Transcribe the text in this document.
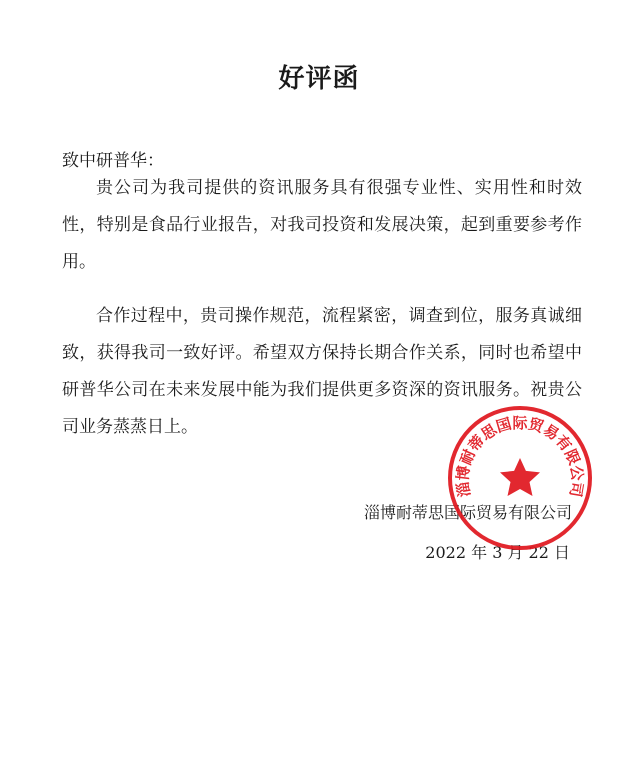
好评函
致中研普华：
贵公司为我司提供的资讯服务具有很强专业性、实用性和时效性，特别是食品行业报告，对我司投资和发展决策，起到重要参考作用。
合作过程中，贵司操作规范，流程紧密，调查到位，服务真诚细致，获得我司一致好评。希望双方保持长期合作关系，同时也希望中研普华公司在未来发展中能为我们提供更多资深的资讯服务。祝贵公司业务蒸蒸日上。
淄博耐蒂思国际贸易有限公司
2022 年 3 月 22 日
淄博耐蒂思国际贸易有限公司
